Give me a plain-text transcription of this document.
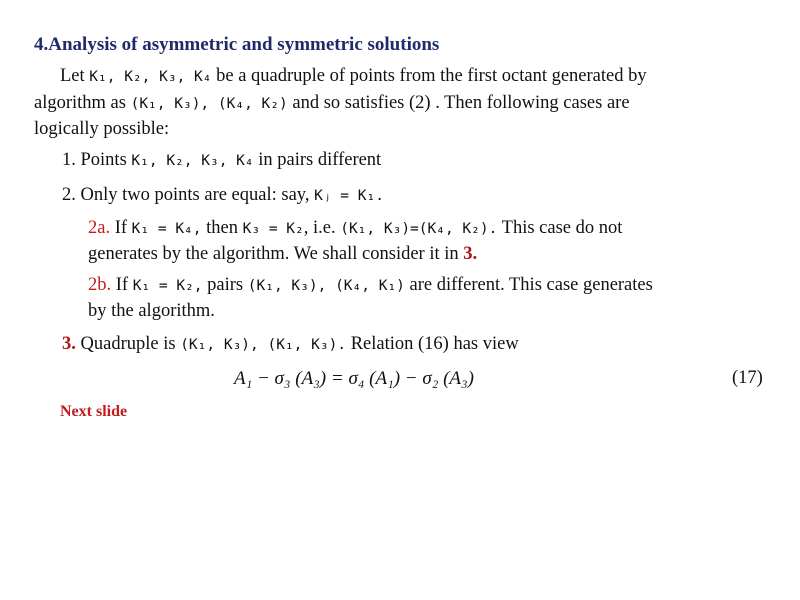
4.Analysis of asymmetric and symmetric solutions
Let K₁, K₂, K₃, K₄ be a quadruple of points from the first octant generated by
algorithm as (K₁, K₃), (K₄, K₂) and so satisfies (2) . Then following cases are
logically possible:
1. Points K₁, K₂, K₃, K₄ in pairs different
2. Only two points are equal: say, Kⱼ = K₁.
2a. If K₁ = K₄, then K₃ = K₂, i.e. (K₁, K₃)=(K₄, K₂). This case do not
generates by the algorithm. We shall consider it in 3.
2b. If K₁ = K₂, pairs (K₁, K₃), (K₄, K₁) are different. This case generates
by the algorithm.
3. Quadruple is (K₁, K₃), (K₁, K₃). Relation (16) has view
A₁ − σ₃ (A₃) = σ₄ (A₁) − σ₂ (A₃)	(17)
Next slide
